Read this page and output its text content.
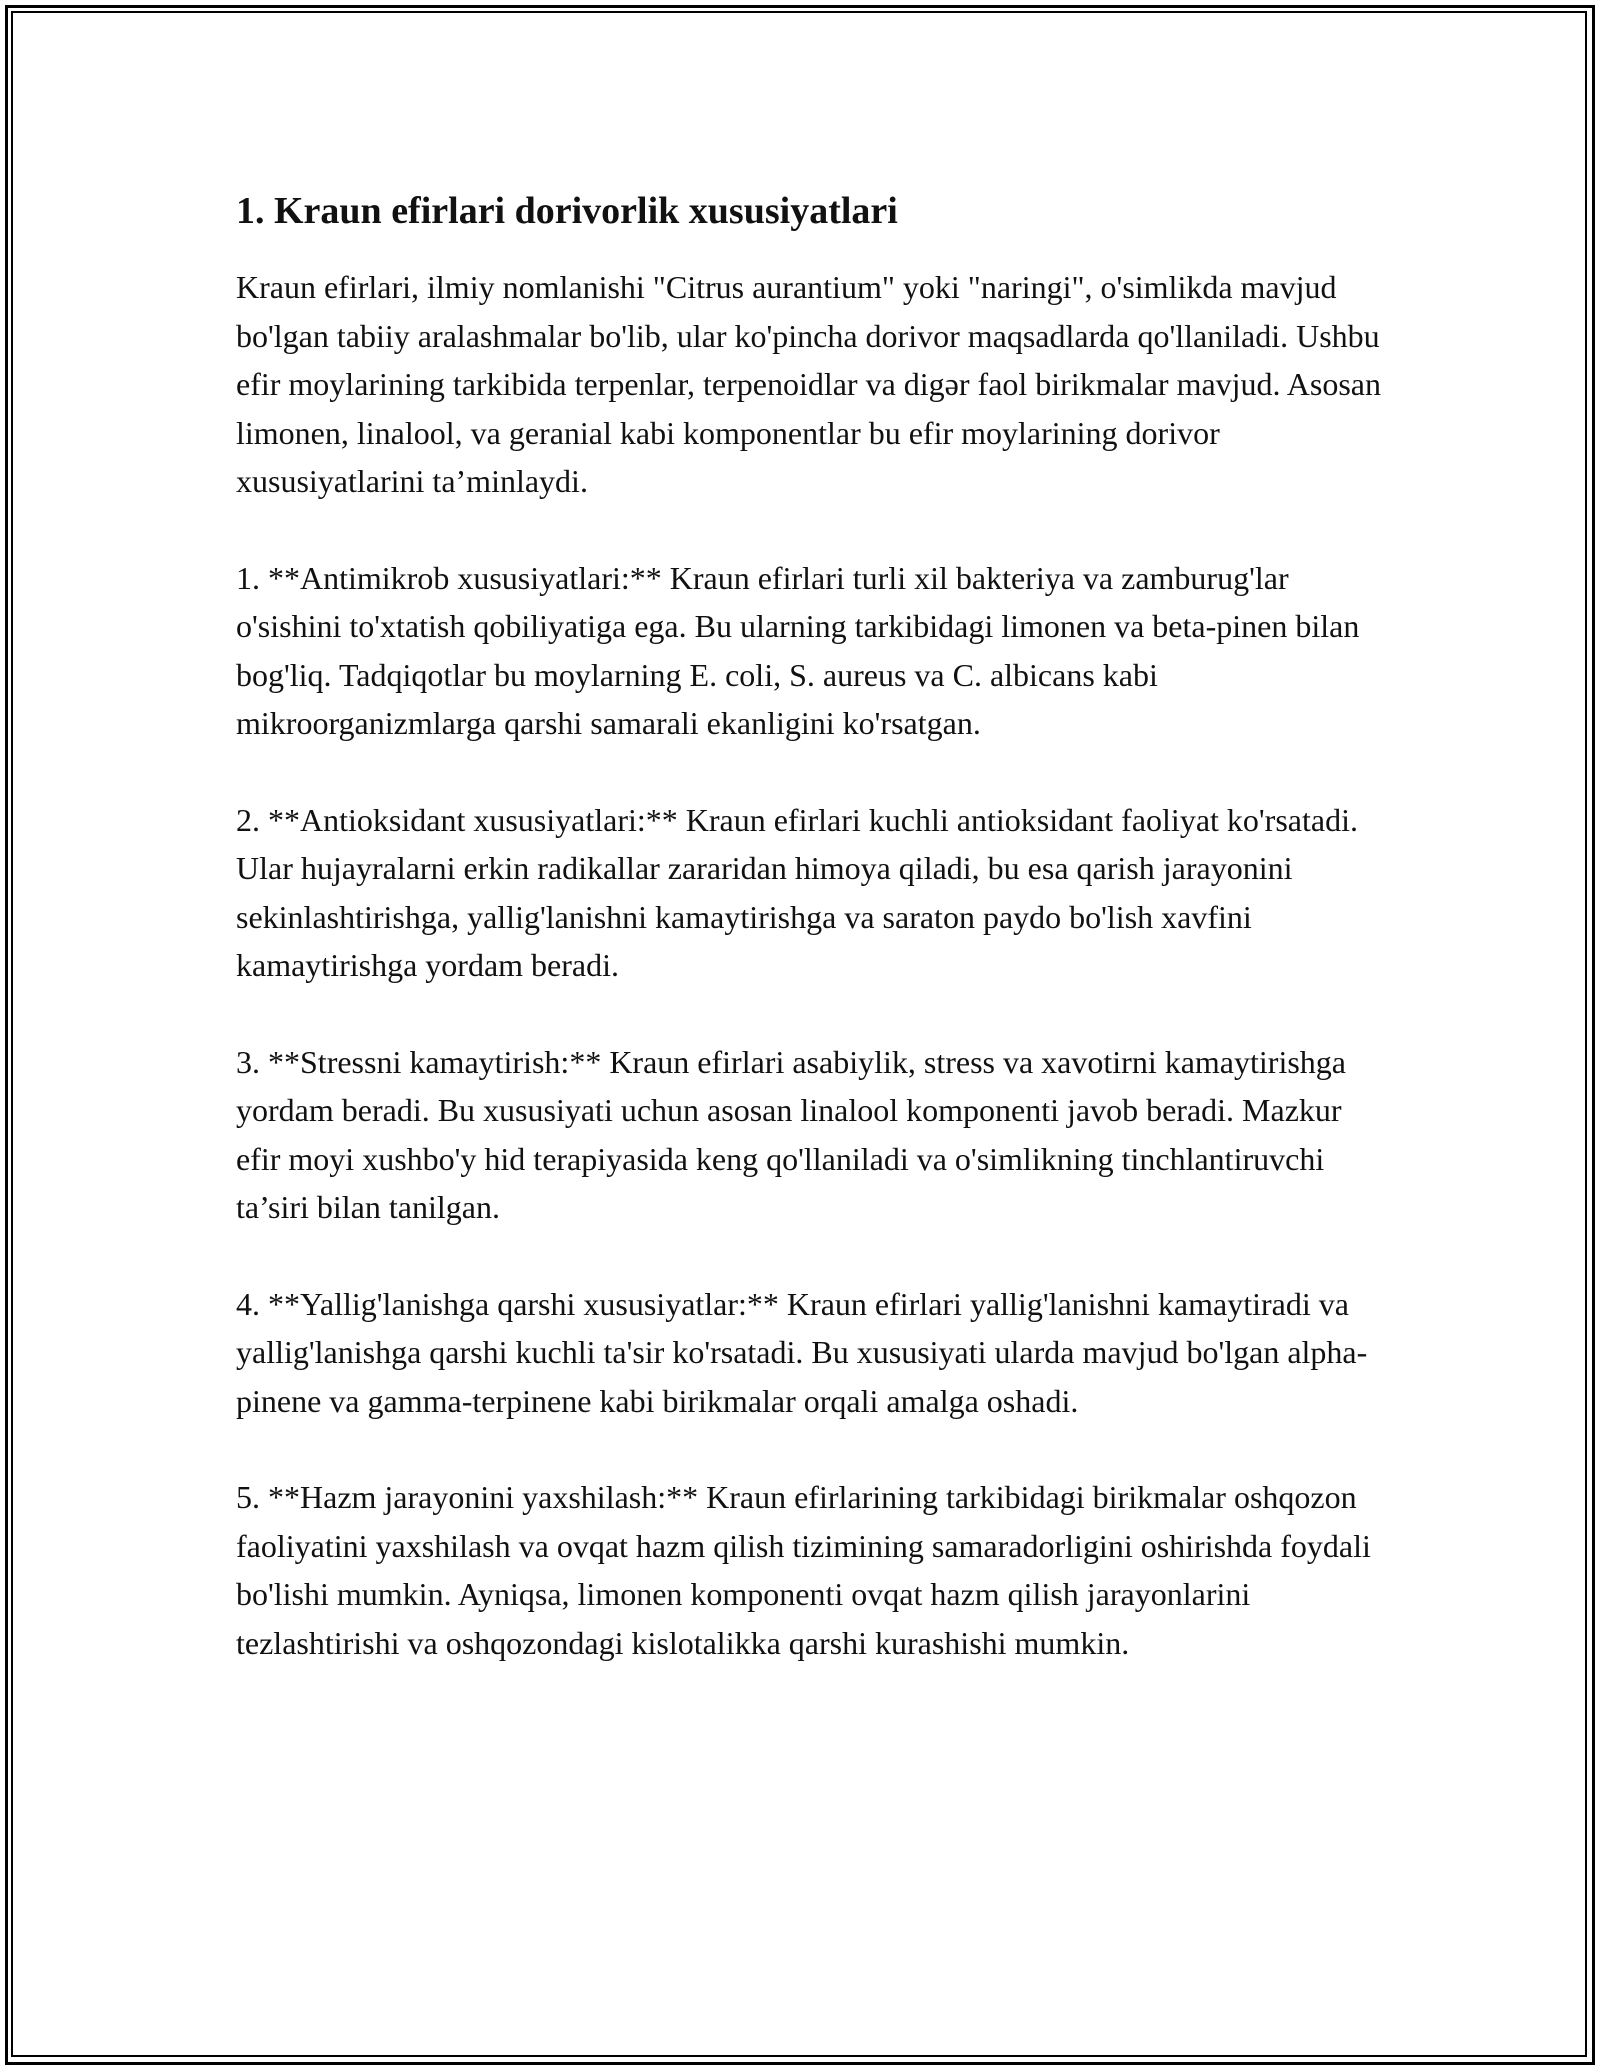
1. Kraun efirlari dorivorlik xususiyatlari

Kraun efirlari, ilmiy nomlanishi "Citrus aurantium" yoki "naringi", o'simlikda mavjud bo'lgan tabiiy aralashmalar bo'lib, ular ko'pincha dorivor maqsadlarda qo'llaniladi. Ushbu efir moylarining tarkibida terpenlar, terpenoidlar va digər faol birikmalar mavjud. Asosan limonen, linalool, va geranial kabi komponentlar bu efir moylarining dorivor xususiyatlarini ta’minlaydi.

1. **Antimikrob xususiyatlari:** Kraun efirlari turli xil bakteriya va zamburug'lar o'sishini to'xtatish qobiliyatiga ega. Bu ularning tarkibidagi limonen va beta-pinen bilan bog'liq. Tadqiqotlar bu moylarning E. coli, S. aureus va C. albicans kabi mikroorganizmlarga qarshi samarali ekanligini ko'rsatgan.

2. **Antioksidant xususiyatlari:** Kraun efirlari kuchli antioksidant faoliyat ko'rsatadi. Ular hujayralarni erkin radikallar zararidan himoya qiladi, bu esa qarish jarayonini sekinlashtirishga, yallig'lanishni kamaytirishga va saraton paydo bo'lish xavfini kamaytirishga yordam beradi.

3. **Stressni kamaytirish:** Kraun efirlari asabiylik, stress va xavotirni kamaytirishga yordam beradi. Bu xususiyati uchun asosan linalool komponenti javob beradi. Mazkur efir moyi xushbo'y hid terapiyasida keng qo'llaniladi va o'simlikning tinchlantiruvchi ta’siri bilan tanilgan.

4. **Yallig'lanishga qarshi xususiyatlar:** Kraun efirlari yallig'lanishni kamaytiradi va yallig'lanishga qarshi kuchli ta'sir ko'rsatadi. Bu xususiyati ularda mavjud bo'lgan alpha-pinene va gamma-terpinene kabi birikmalar orqali amalga oshadi.

5. **Hazm jarayonini yaxshilash:** Kraun efirlarining tarkibidagi birikmalar oshqozon faoliyatini yaxshilash va ovqat hazm qilish tizimining samaradorligini oshirishda foydali bo'lishi mumkin. Ayniqsa, limonen komponenti ovqat hazm qilish jarayonlarini tezlashtirishi va oshqozondagi kislotalikka qarshi kurashishi mumkin.
